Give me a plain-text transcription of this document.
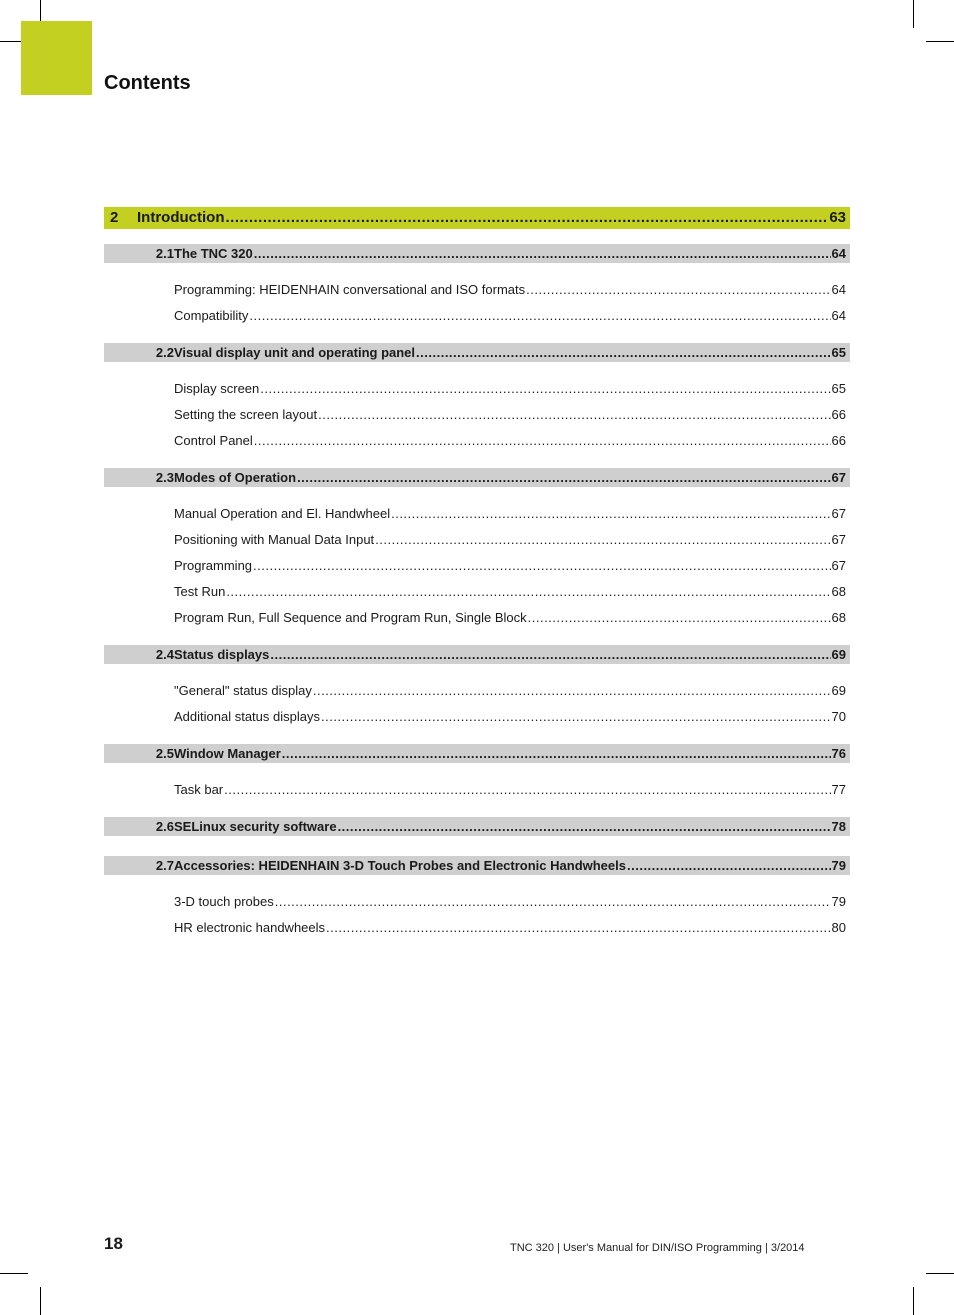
Contents
2	Introduction .....	63
2.1 The TNC 320 .....	64
Programming: HEIDENHAIN conversational and ISO formats .....	64
Compatibility .....	64
2.2 Visual display unit and operating panel .....	65
Display screen .....	65
Setting the screen layout .....	66
Control Panel .....	66
2.3 Modes of Operation .....	67
Manual Operation and El. Handwheel .....	67
Positioning with Manual Data Input .....	67
Programming .....	67
Test Run .....	68
Program Run, Full Sequence and Program Run, Single Block .....	68
2.4 Status displays .....	69
"General" status display .....	69
Additional status displays .....	70
2.5 Window Manager .....	76
Task bar .....	77
2.6 SELinux security software .....	78
2.7 Accessories: HEIDENHAIN 3-D Touch Probes and Electronic Handwheels .....	79
3-D touch probes .....	79
HR electronic handwheels .....	80
18	TNC 320 | User's Manual for DIN/ISO Programming | 3/2014
